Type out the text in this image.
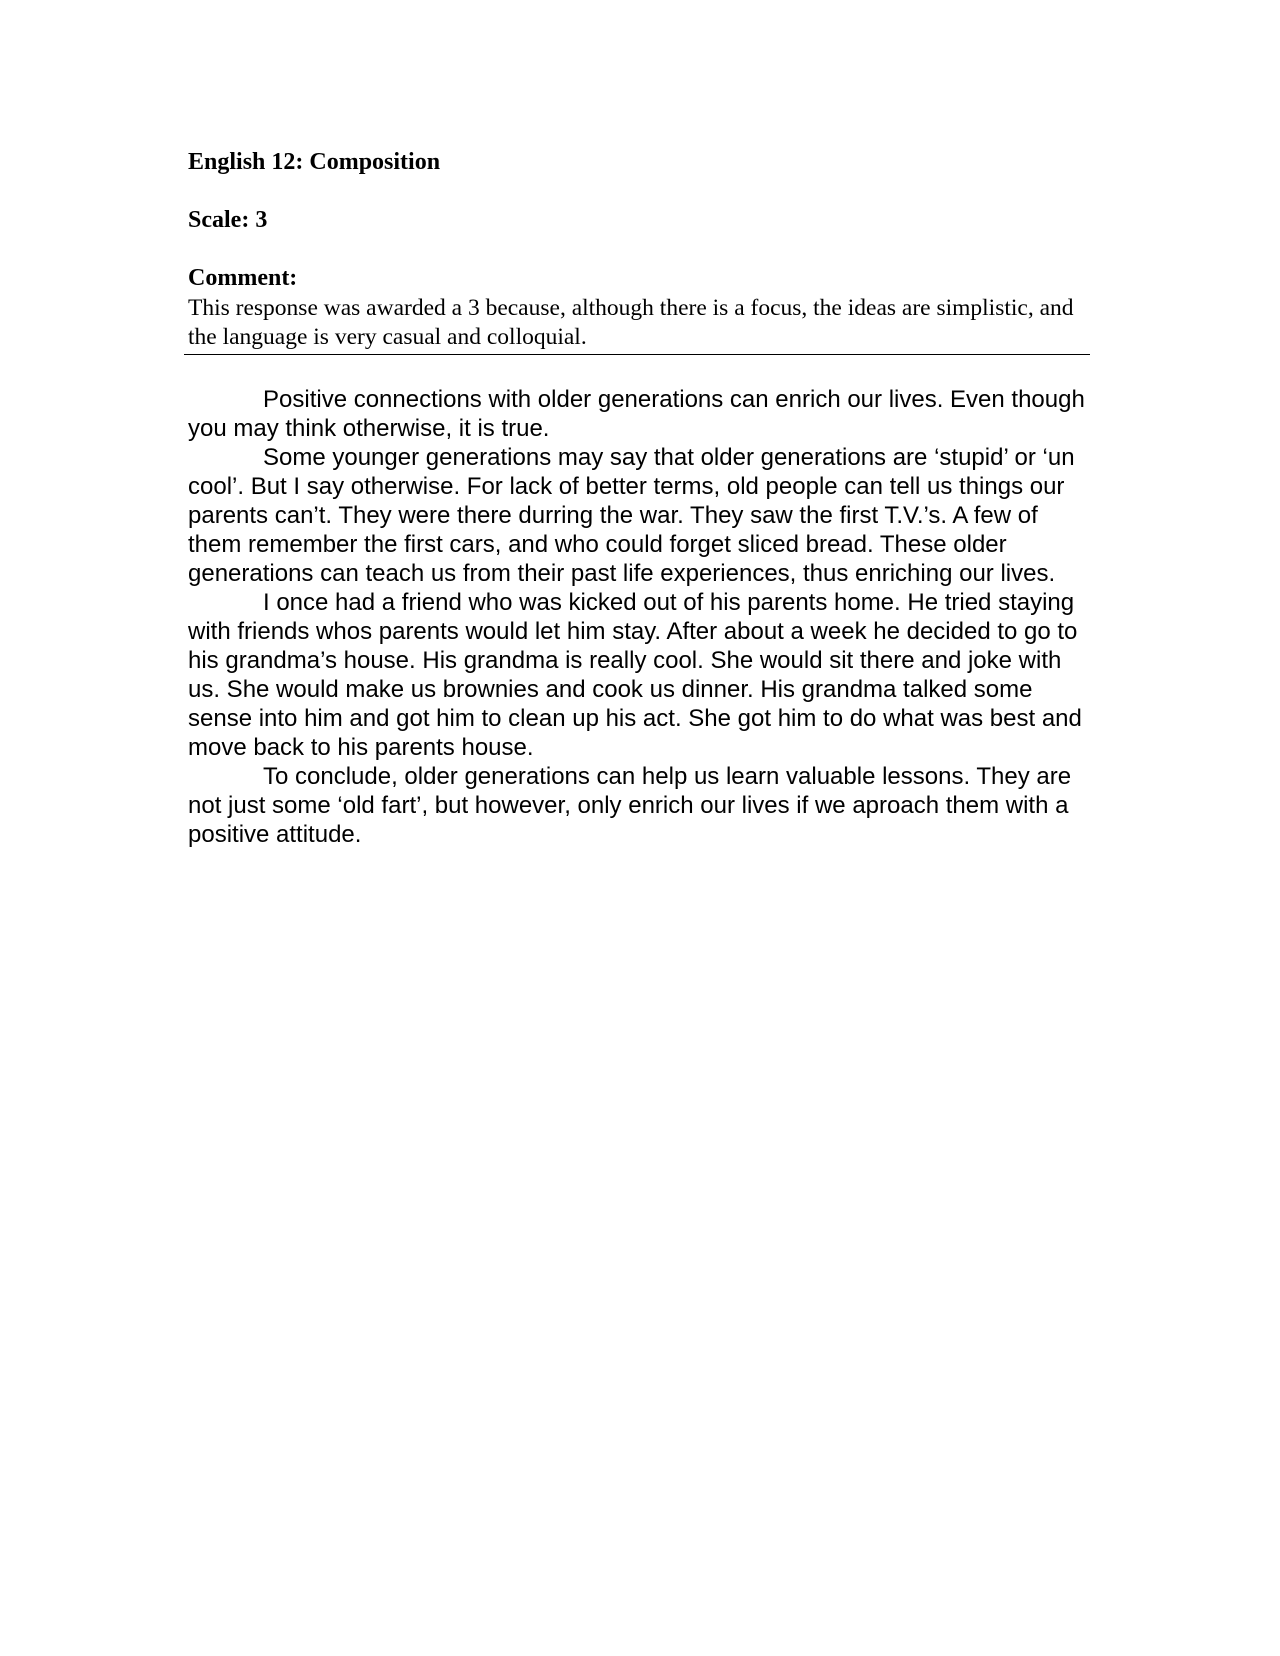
English 12: Composition
Scale: 3
Comment:

This response was awarded a 3 because, although there is a focus, the ideas are simplistic, and the language is very casual and colloquial.

Positive connections with older generations can enrich our lives. Even though you may think otherwise, it is true.

Some younger generations may say that older generations are ‘stupid’ or ‘un cool’. But I say otherwise. For lack of better terms, old people can tell us things our parents can’t. They were there durring the war. They saw the first T.V.’s. A few of them remember the first cars, and who could forget sliced bread. These older generations can teach us from their past life experiences, thus enriching our lives.

I once had a friend who was kicked out of his parents home. He tried staying with friends whos parents would let him stay. After about a week he decided to go to his grandma’s house. His grandma is really cool. She would sit there and joke with us. She would make us brownies and cook us dinner. His grandma talked some sense into him and got him to clean up his act. She got him to do what was best and move back to his parents house.

To conclude, older generations can help us learn valuable lessons. They are not just some ‘old fart’, but however, only enrich our lives if we aproach them with a positive attitude.
